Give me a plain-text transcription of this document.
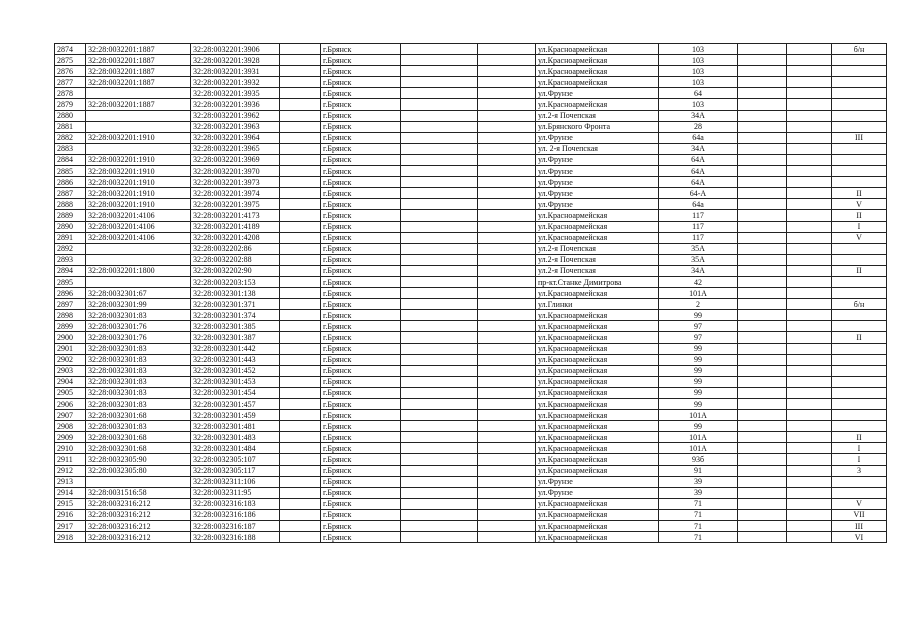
2874	32:28:0032201:1887	32:28:0032201:3906		г.Брянск			ул.Красноармейская	103			б/н
2875	32:28:0032201:1887	32:28:0032201:3928		г.Брянск			ул.Красноармейская	103			
2876	32:28:0032201:1887	32:28:0032201:3931		г.Брянск			ул.Красноармейская	103			
2877	32:28:0032201:1887	32:28:0032201:3932		г.Брянск			ул.Красноармейская	103			
2878		32:28:0032201:3935		г.Брянск			ул.Фрунзе	64			
2879	32:28:0032201:1887	32:28:0032201:3936		г.Брянск			ул.Красноармейская	103			
2880		32:28:0032201:3962		г.Брянск			ул.2-я Почепская	34А			
2881		32:28:0032201:3963		г.Брянск			ул.Брянского Фронта	28			
2882	32:28:0032201:1910	32:28:0032201:3964		г.Брянск			ул.Фрунзе	64а			III
2883		32:28:0032201:3965		г.Брянск			ул. 2-я Почепская	34А			
2884	32:28:0032201:1910	32:28:0032201:3969		г.Брянск			ул.Фрунзе	64А			
2885	32:28:0032201:1910	32:28:0032201:3970		г.Брянск			ул.Фрунзе	64А			
2886	32:28:0032201:1910	32:28:0032201:3973		г.Брянск			ул.Фрунзе	64А			
2887	32:28:0032201:1910	32:28:0032201:3974		г.Брянск			ул.Фрунзе	64-А			II
2888	32:28:0032201:1910	32:28:0032201:3975		г.Брянск			ул.Фрунзе	64а			V
2889	32:28:0032201:4106	32:28:0032201:4173		г.Брянск			ул.Красноармейская	117			II
2890	32:28:0032201:4106	32:28:0032201:4189		г.Брянск			ул.Красноармейская	117			I
2891	32:28:0032201:4106	32:28:0032201:4208		г.Брянск			ул.Красноармейская	117			V
2892		32:28:0032202:86		г.Брянск			ул.2-я Почепская	35А			
2893		32:28:0032202:88		г.Брянск			ул.2-я Почепская	35А			
2894	32:28:0032201:1800	32:28:0032202:90		г.Брянск			ул.2-я Почепская	34А			II
2895		32:28:0032203:153		г.Брянск			пр-кт.Станке Димитрова	42			
2896	32:28:0032301:67	32:28:0032301:138		г.Брянск			ул.Красноармейская	101А			
2897	32:28:0032301:99	32:28:0032301:371		г.Брянск			ул.Глинки	2			б/н
2898	32:28:0032301:83	32:28:0032301:374		г.Брянск			ул.Красноармейская	99			
2899	32:28:0032301:76	32:28:0032301:385		г.Брянск			ул.Красноармейская	97			
2900	32:28:0032301:76	32:28:0032301:387		г.Брянск			ул.Красноармейская	97			II
2901	32:28:0032301:83	32:28:0032301:442		г.Брянск			ул.Красноармейская	99			
2902	32:28:0032301:83	32:28:0032301:443		г.Брянск			ул.Красноармейская	99			
2903	32:28:0032301:83	32:28:0032301:452		г.Брянск			ул.Красноармейская	99			
2904	32:28:0032301:83	32:28:0032301:453		г.Брянск			ул.Красноармейская	99			
2905	32:28:0032301:83	32:28:0032301:454		г.Брянск			ул.Красноармейская	99			
2906	32:28:0032301:83	32:28:0032301:457		г.Брянск			ул.Красноармейская	99			
2907	32:28:0032301:68	32:28:0032301:459		г.Брянск			ул.Красноармейская	101А			
2908	32:28:0032301:83	32:28:0032301:481		г.Брянск			ул.Красноармейская	99			
2909	32:28:0032301:68	32:28:0032301:483		г.Брянск			ул.Красноармейская	101А			II
2910	32:28:0032301:68	32:28:0032301:484		г.Брянск			ул.Красноармейская	101А			I
2911	32:28:0032305:90	32:28:0032305:107		г.Брянск			ул.Красноармейская	93б			I
2912	32:28:0032305:80	32:28:0032305:117		г.Брянск			ул.Красноармейская	91			3
2913		32:28:0032311:106		г.Брянск			ул.Фрунзе	39			
2914	32:28:0031516:58	32:28:0032311:95		г.Брянск			ул.Фрунзе	39			
2915	32:28:0032316:212	32:28:0032316:183		г.Брянск			ул.Красноармейская	71			V
2916	32:28:0032316:212	32:28:0032316:186		г.Брянск			ул.Красноармейская	71			VII
2917	32:28:0032316:212	32:28:0032316:187		г.Брянск			ул.Красноармейская	71			III
2918	32:28:0032316:212	32:28:0032316:188		г.Брянск			ул.Красноармейская	71			VI
